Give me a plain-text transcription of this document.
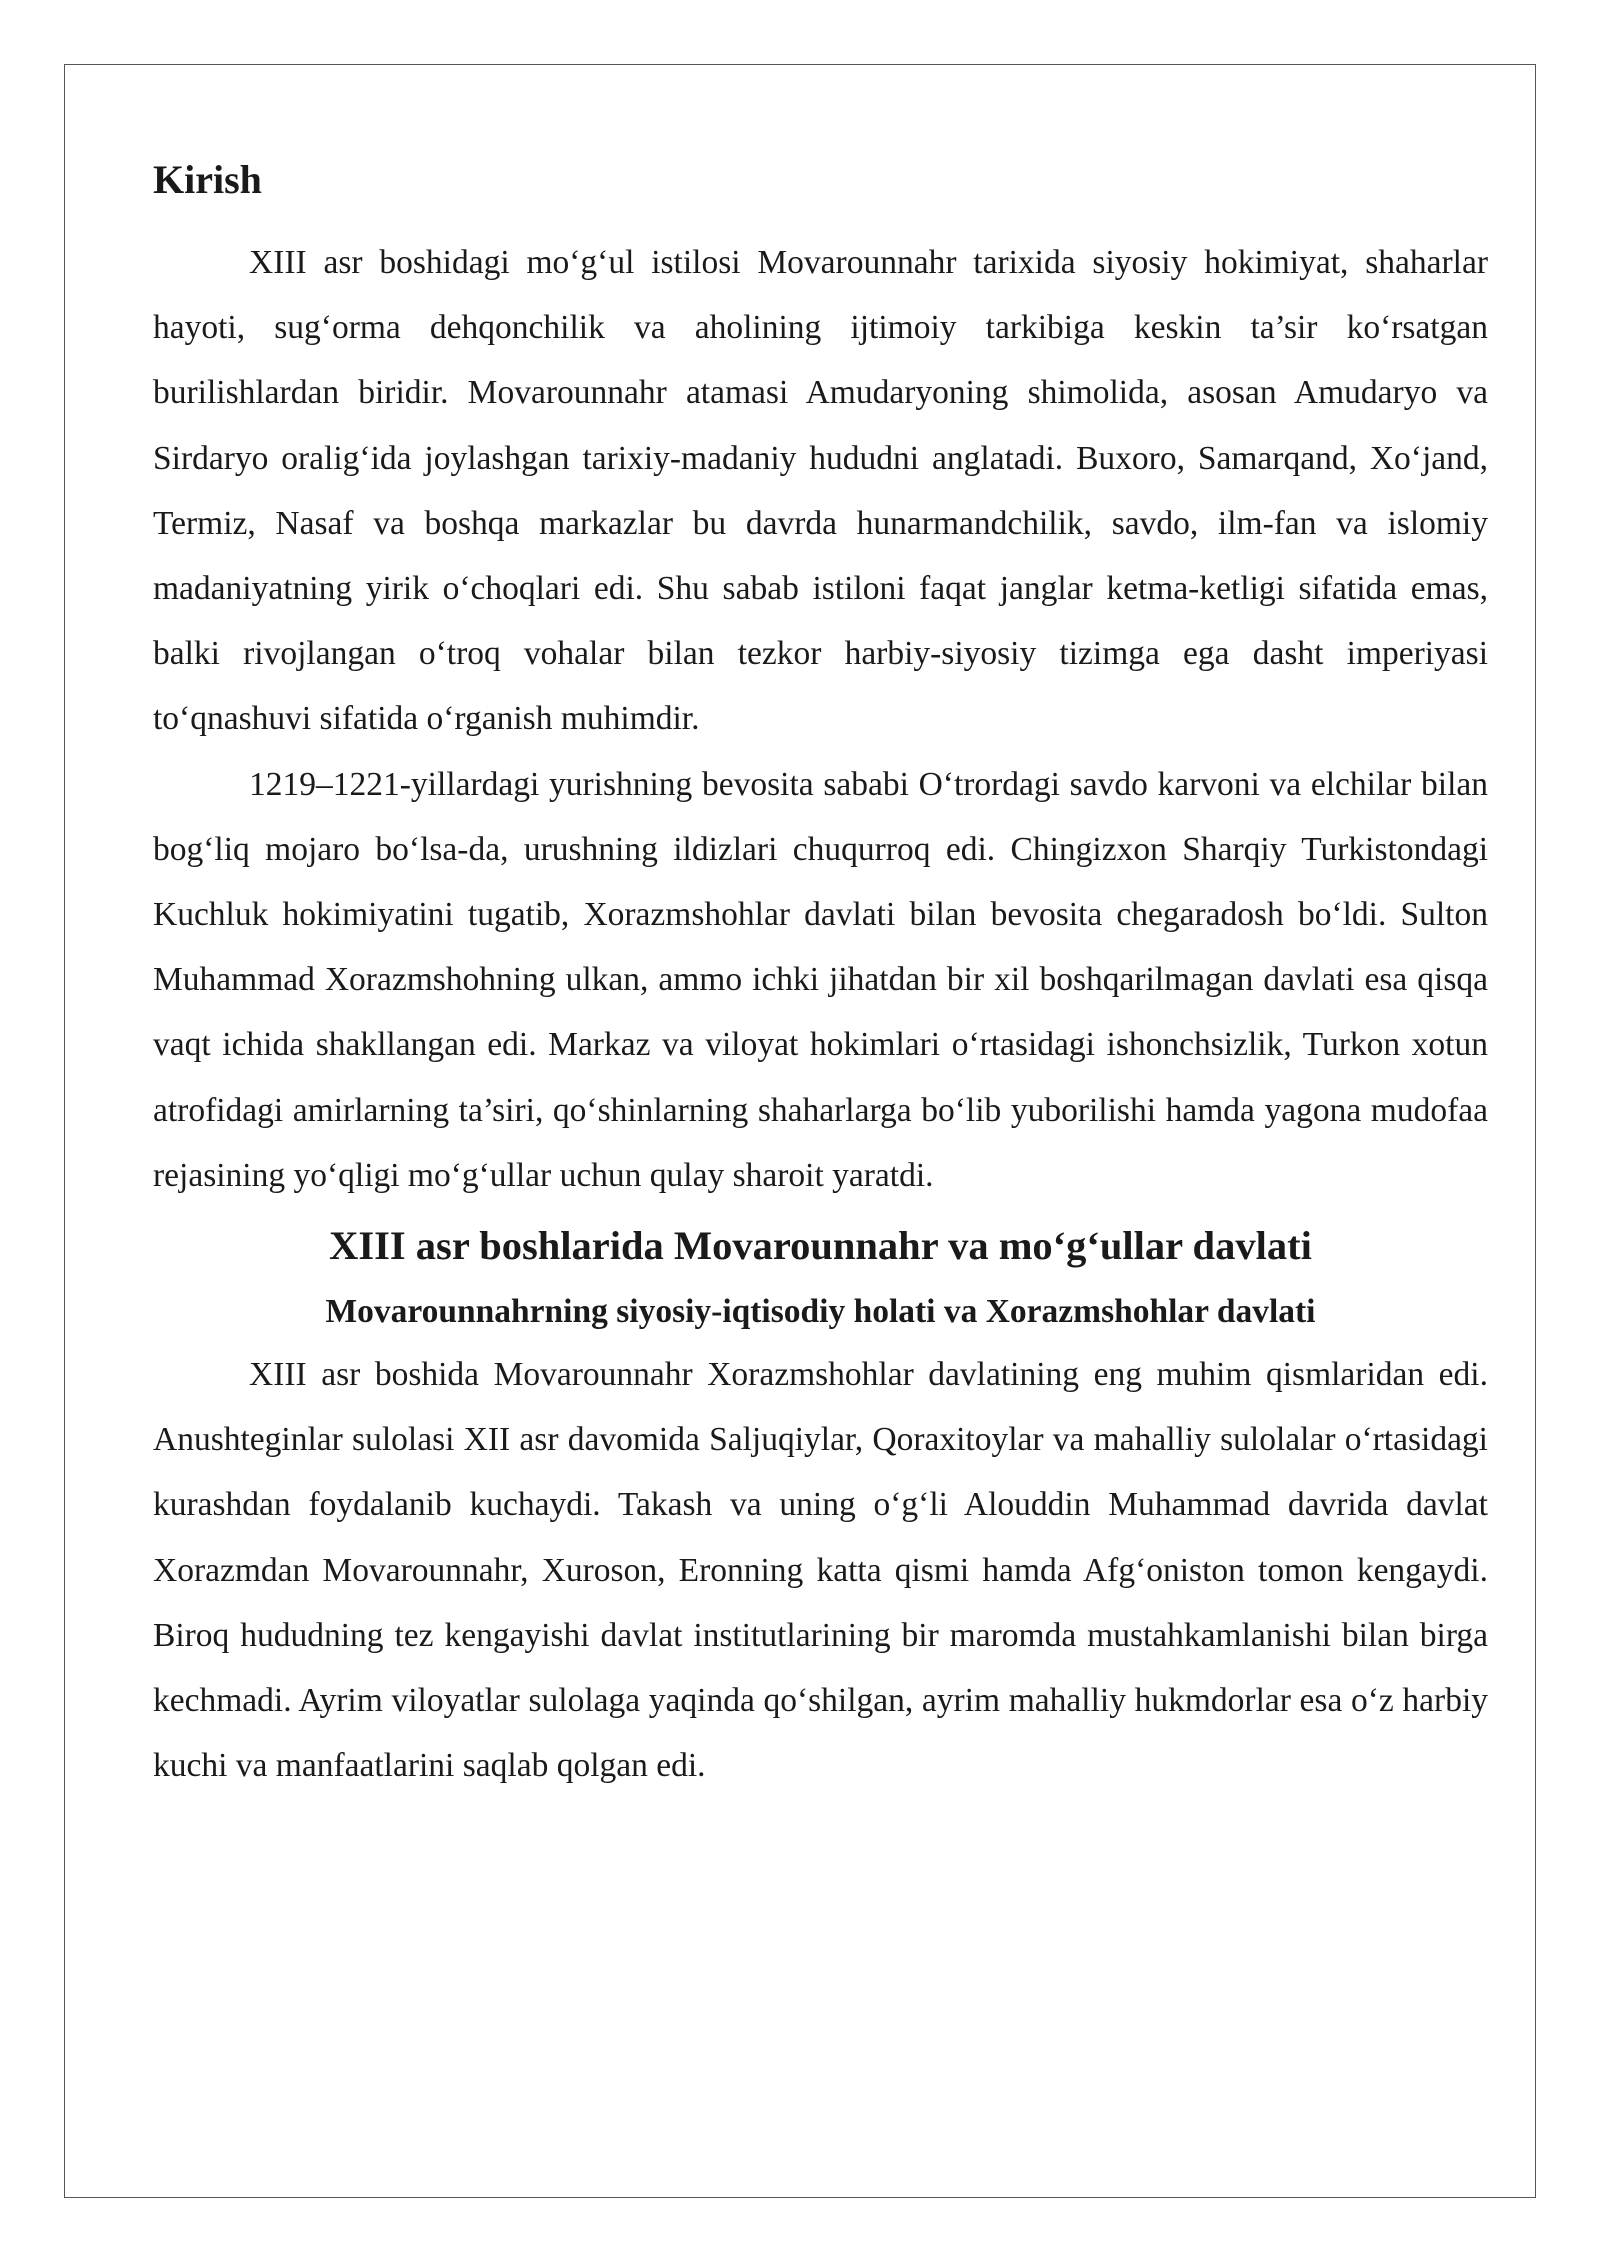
Kirish

XIII asr boshidagi mo‘g‘ul istilosi Movarounnahr tarixida siyosiy hokimiyat, shaharlar hayoti, sug‘orma dehqonchilik va aholining ijtimoiy tarkibiga keskin ta’sir ko‘rsatgan burilishlardan biridir. Movarounnahr atamasi Amudaryoning shimolida, asosan Amudaryo va Sirdaryo oralig‘ida joylashgan tarixiy-madaniy hududni anglatadi. Buxoro, Samarqand, Xo‘jand, Termiz, Nasaf va boshqa markazlar bu davrda hunarmandchilik, savdo, ilm-fan va islomiy madaniyatning yirik o‘choqlari edi. Shu sabab istiloni faqat janglar ketma-ketligi sifatida emas, balki rivojlangan o‘troq vohalar bilan tezkor harbiy-siyosiy tizimga ega dasht imperiyasi to‘qnashuvi sifatida o‘rganish muhimdir.

1219–1221-yillardagi yurishning bevosita sababi O‘trordagi savdo karvoni va elchilar bilan bog‘liq mojaro bo‘lsa-da, urushning ildizlari chuqurroq edi. Chingizxon Sharqiy Turkistondagi Kuchluk hokimiyatini tugatib, Xorazmshohlar davlati bilan bevosita chegaradosh bo‘ldi. Sulton Muhammad Xorazmshohning ulkan, ammo ichki jihatdan bir xil boshqarilmagan davlati esa qisqa vaqt ichida shakllangan edi. Markaz va viloyat hokimlari o‘rtasidagi ishonchsizlik, Turkon xotun atrofidagi amirlarning ta’siri, qo‘shinlarning shaharlarga bo‘lib yuborilishi hamda yagona mudofaa rejasining yo‘qligi mo‘g‘ullar uchun qulay sharoit yaratdi.

XIII asr boshlarida Movarounnahr va mo‘g‘ullar davlati
Movarounnahrning siyosiy-iqtisodiy holati va Xorazmshohlar davlati

XIII asr boshida Movarounnahr Xorazmshohlar davlatining eng muhim qismlaridan edi. Anushteginlar sulolasi XII asr davomida Saljuqiylar, Qoraxitoylar va mahalliy sulolalar o‘rtasidagi kurashdan foydalanib kuchaydi. Takash va uning o‘g‘li Alouddin Muhammad davrida davlat Xorazmdan Movarounnahr, Xuroson, Eronning katta qismi hamda Afg‘oniston tomon kengaydi. Biroq hududning tez kengayishi davlat institutlarining bir maromda mustahkamlanishi bilan birga kechmadi. Ayrim viloyatlar sulolaga yaqinda qo‘shilgan, ayrim mahalliy hukmdorlar esa o‘z harbiy kuchi va manfaatlarini saqlab qolgan edi.
